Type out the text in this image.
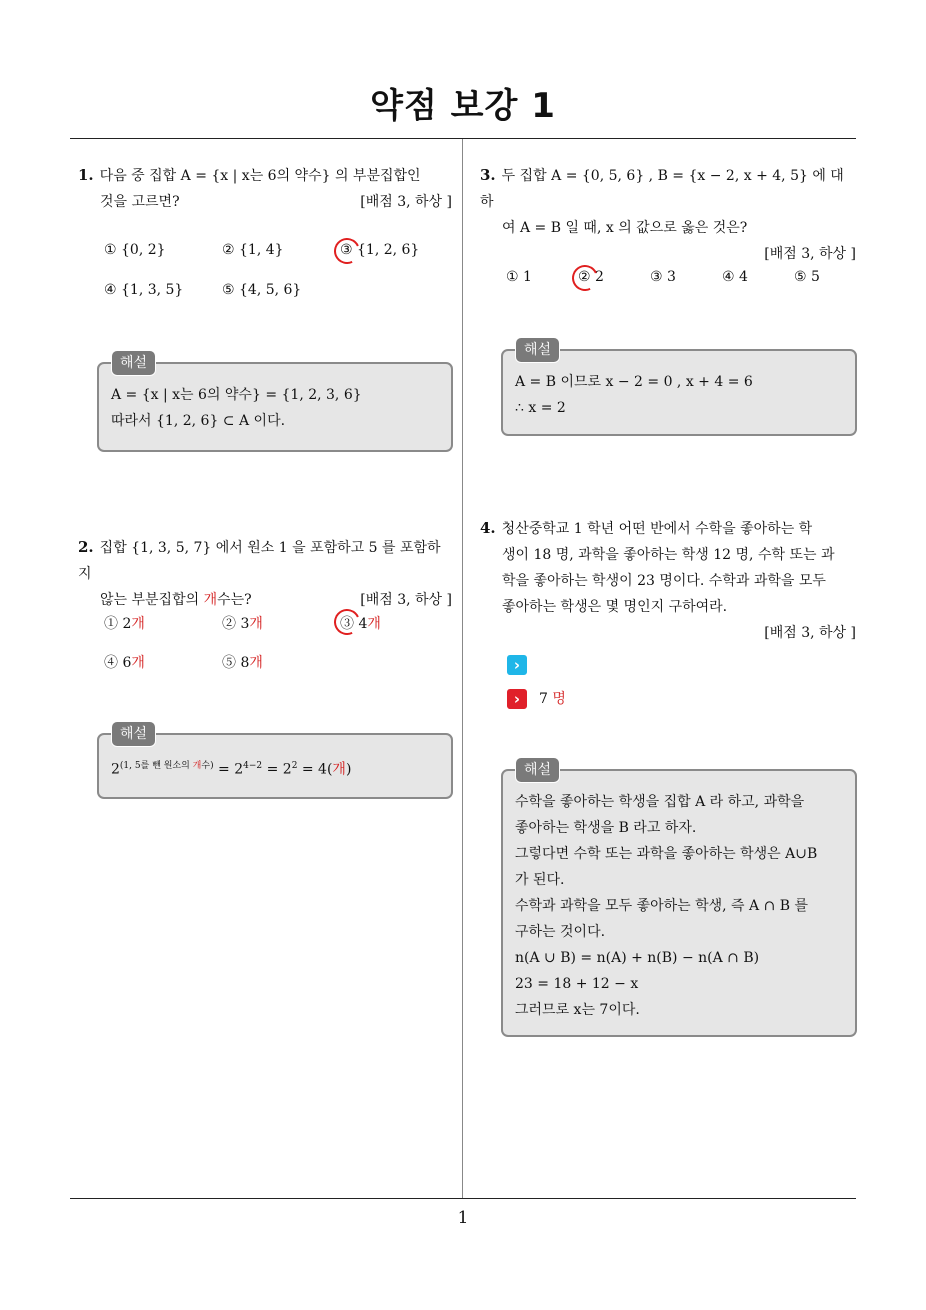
약점 보강 1
1. 다음 중 집합 A = {x | x는 6의 약수} 의 부분집합인
것을 고르면?	[배점 3, 하상 ]
① {0, 2}	② {1, 4}	③ {1, 2, 6}
④ {1, 3, 5}	⑤ {4, 5, 6}
해설
A = {x | x는 6의 약수} = {1, 2, 3, 6}
따라서 {1, 2, 6} ⊂ A 이다.
2. 집합 {1, 3, 5, 7} 에서 원소 1 을 포함하고 5 를 포함하지
않는 부분집합의 개수는?	[배점 3, 하상 ]
① 2개	② 3개	③ 4개
④ 6개	⑤ 8개
해설
$2^{(1, 5를 뺀 원소의 개수)} = 2^{4-2} = 2^2 = 4$(개)
3. 두 집합 A = {0, 5, 6} , B = {x − 2, x + 4, 5} 에 대하
여 A = B 일 때, x 의 값으로 옳은 것은?
[배점 3, 하상 ]
① 1	② 2	③ 3	④ 4	⑤ 5
해설
A = B 이므로 x − 2 = 0 , x + 4 = 6
∴ x = 2
4. 청산중학교 1 학년 어떤 반에서 수학을 좋아하는 학
생이 18 명, 과학을 좋아하는 학생 12 명, 수학 또는 과
학을 좋아하는 학생이 23 명이다. 수학과 과학을 모두
좋아하는 학생은 몇 명인지 구하여라.
[배점 3, 하상 ]
›
›	7 명
해설
수학을 좋아하는 학생을 집합 A 라 하고, 과학을
좋아하는 학생을 B 라고 하자.
그렇다면 수학 또는 과학을 좋아하는 학생은 A∪B
가 된다.
수학과 과학을 모두 좋아하는 학생, 즉 A ∩ B 를
구하는 것이다.
n(A ∪ B) = n(A) + n(B) − n(A ∩ B)
23 = 18 + 12 − x
그러므로 x는 7이다.
1
